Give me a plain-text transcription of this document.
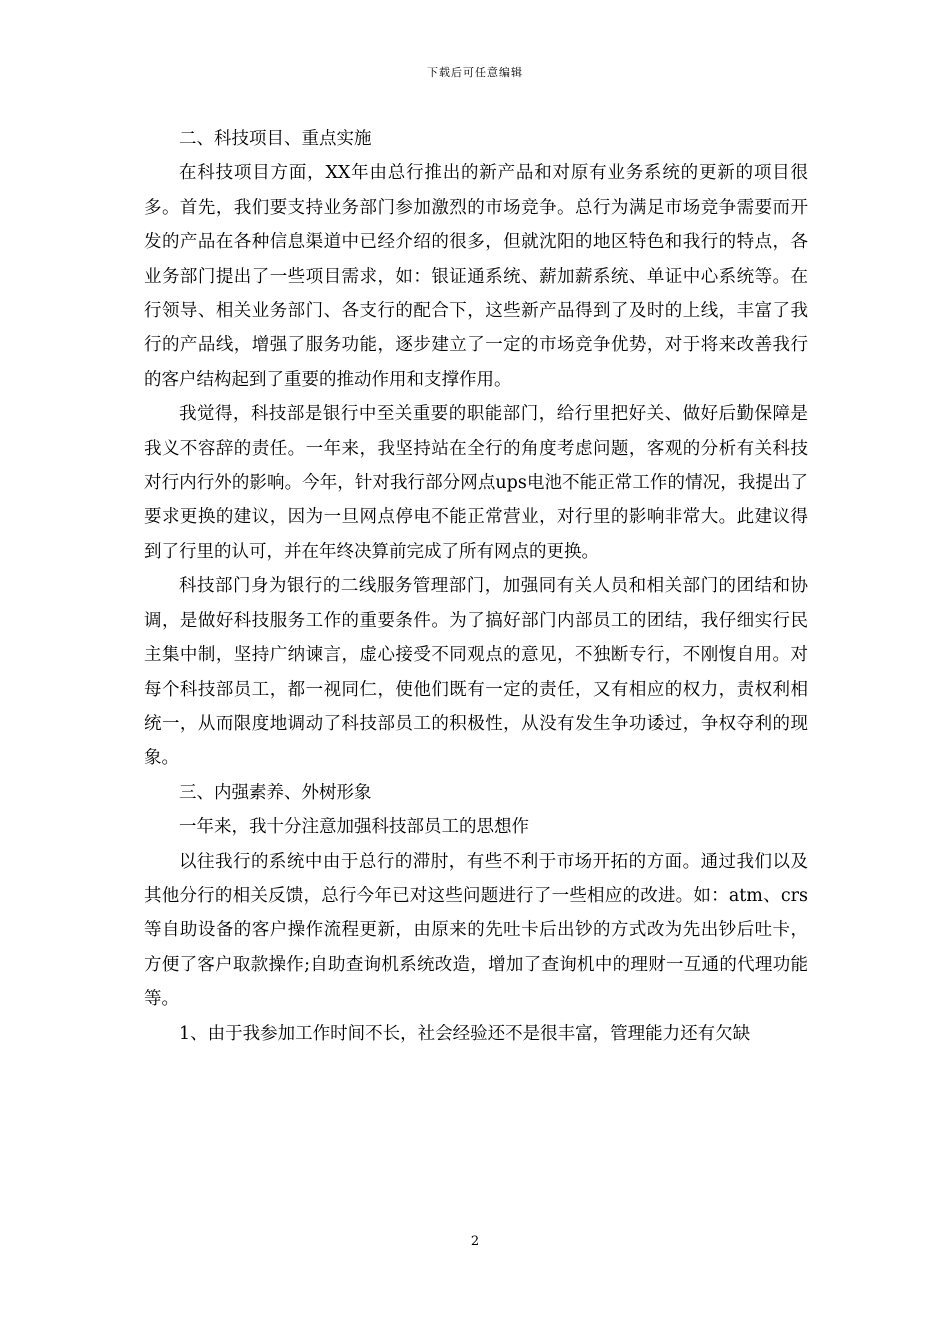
下载后可任意编辑

二、科技项目、重点实施

在科技项目方面，XX年由总行推出的新产品和对原有业务系统的更新的项目很多。首先，我们要支持业务部门参加激烈的市场竞争。总行为满足市场竞争需要而开发的产品在各种信息渠道中已经介绍的很多，但就沈阳的地区特色和我行的特点，各业务部门提出了一些项目需求，如：银证通系统、薪加薪系统、单证中心系统等。在行领导、相关业务部门、各支行的配合下，这些新产品得到了及时的上线，丰富了我行的产品线，增强了服务功能，逐步建立了一定的市场竞争优势，对于将来改善我行的客户结构起到了重要的推动作用和支撑作用。

我觉得，科技部是银行中至关重要的职能部门，给行里把好关、做好后勤保障是我义不容辞的责任。一年来，我坚持站在全行的角度考虑问题，客观的分析有关科技对行内行外的影响。今年，针对我行部分网点ups电池不能正常工作的情况，我提出了要求更换的建议，因为一旦网点停电不能正常营业，对行里的影响非常大。此建议得到了行里的认可，并在年终决算前完成了所有网点的更换。

科技部门身为银行的二线服务管理部门，加强同有关人员和相关部门的团结和协调，是做好科技服务工作的重要条件。为了搞好部门内部员工的团结，我仔细实行民主集中制，坚持广纳谏言，虚心接受不同观点的意见，不独断专行，不刚愎自用。对每个科技部员工，都一视同仁，使他们既有一定的责任，又有相应的权力，责权利相统一，从而限度地调动了科技部员工的积极性，从没有发生争功诿过，争权夺利的现象。

三、内强素养、外树形象

一年来，我十分注意加强科技部员工的思想作

以往我行的系统中由于总行的滞肘，有些不利于市场开拓的方面。通过我们以及其他分行的相关反馈，总行今年已对这些问题进行了一些相应的改进。如：atm、crs等自助设备的客户操作流程更新，由原来的先吐卡后出钞的方式改为先出钞后吐卡，方便了客户取款操作;自助查询机系统改造，增加了查询机中的理财一互通的代理功能等。

1、由于我参加工作时间不长，社会经验还不是很丰富，管理能力还有欠缺

2
